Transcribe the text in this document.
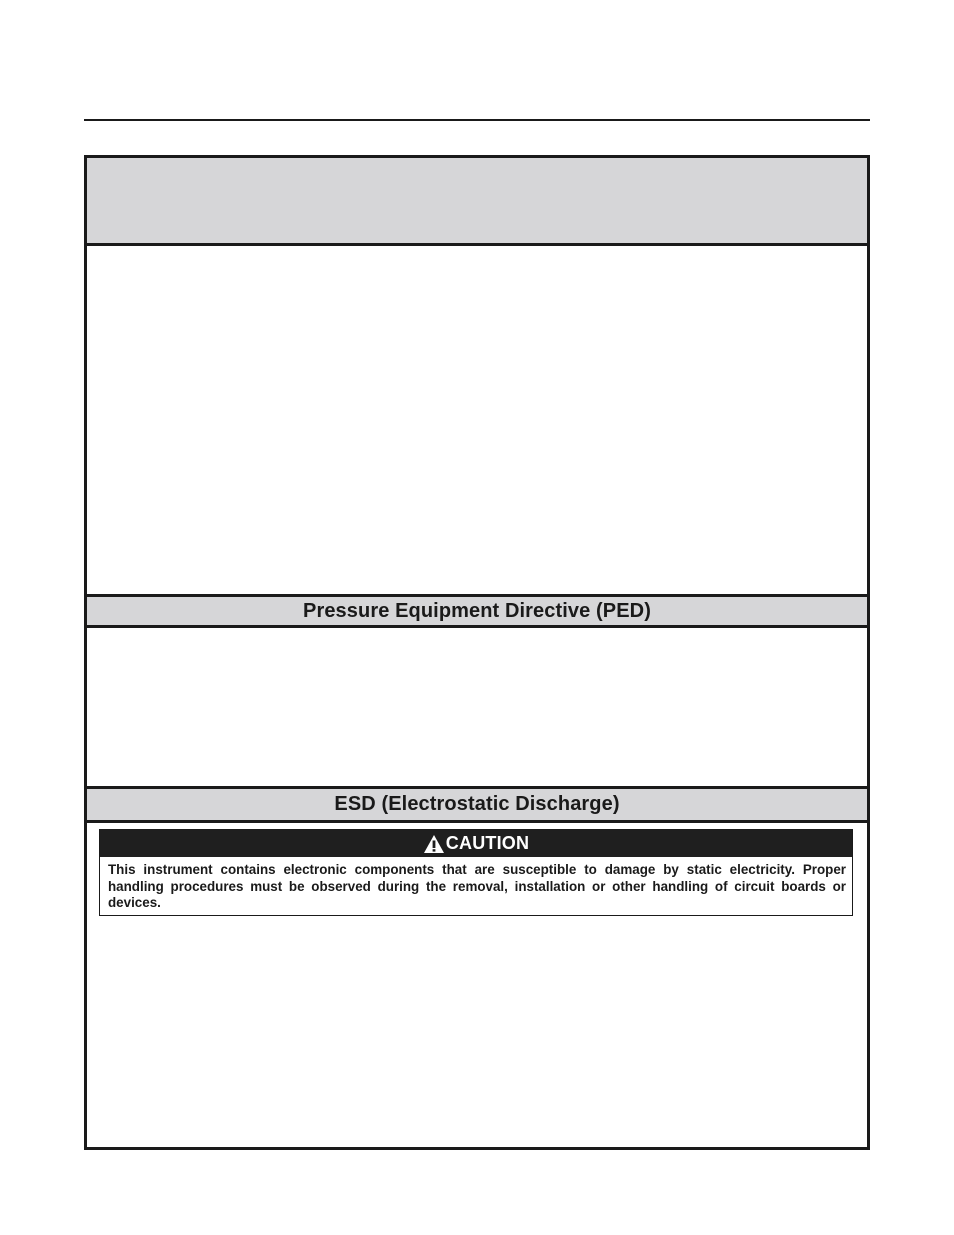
Pressure Equipment Directive (PED)
ESD (Electrostatic Discharge)
CAUTION

This instrument contains electronic components that are susceptible to damage by static electricity. Proper handling procedures must be observed during the removal, installation or other handling of circuit boards or devices.
